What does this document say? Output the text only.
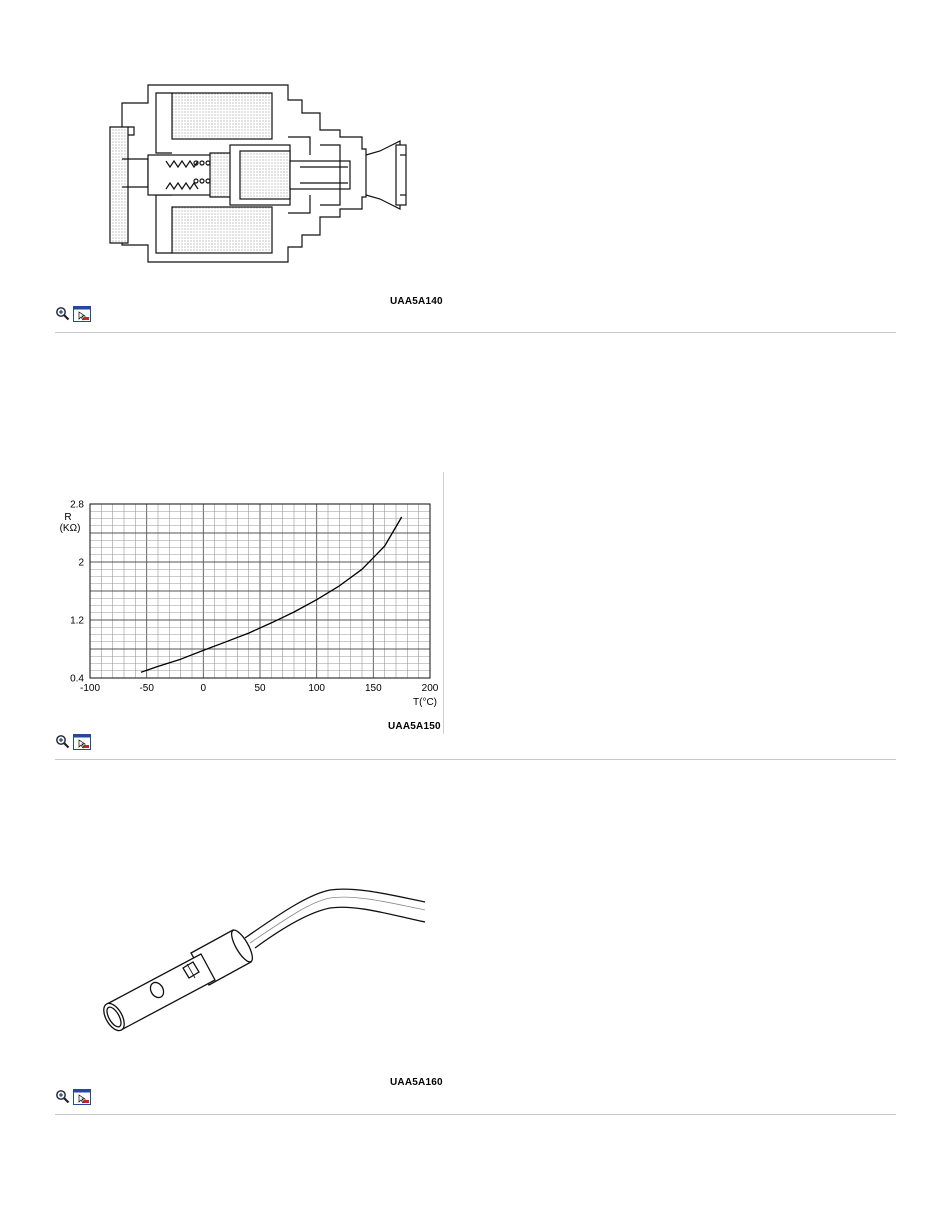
UAA5A140
-100	-50	0	50	100	150	200
0.4
1.2
2
2.8
R
(KΩ)
T(°C)
UAA5A150
UAA5A160
